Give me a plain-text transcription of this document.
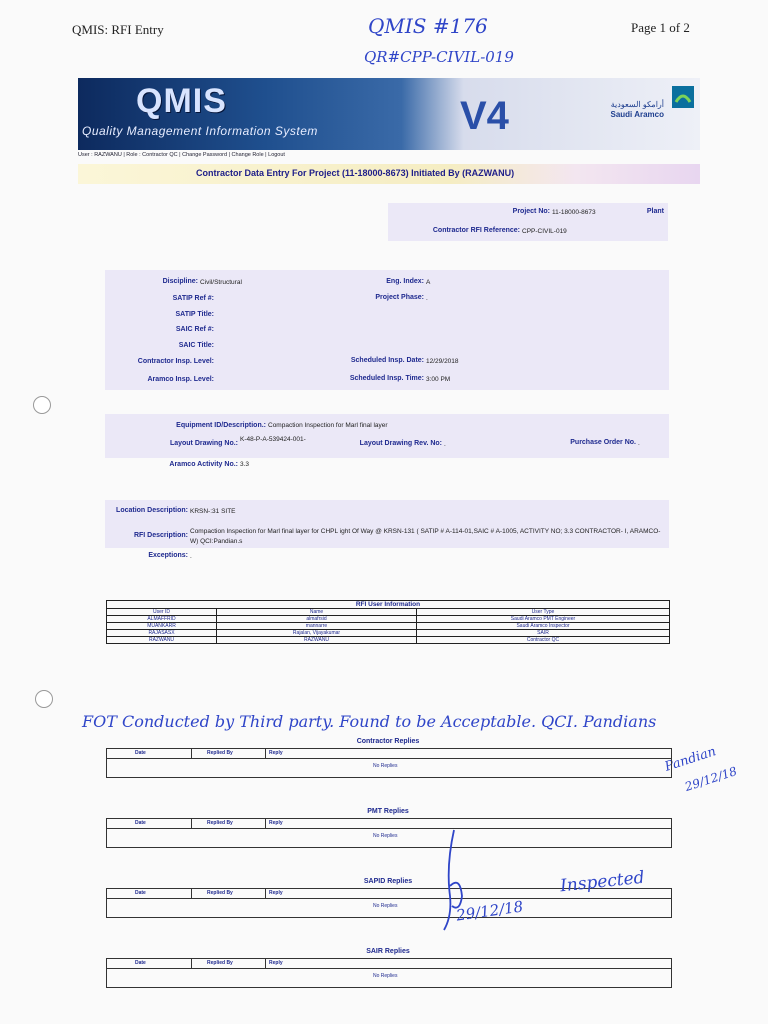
QMIS: RFI Entry	Page 1 of 2
QMIS #176
QR#CPP-CIVIL-019
QMIS
Quality Management Information System	V4	أرامكو السعودية
Saudi Aramco
User : RAZWANU | Role : Contractor QC | Change Password | Change Role | Logout
Contractor Data Entry For Project (11-18000-8673) Initiated By (RAZWANU)
Project No: 11-18000-8673	Plant
Contractor RFI Reference: CPP-CIVIL-019
Discipline: Civil/Structural	Eng. Index: A
SATIP Ref #:	Project Phase: .
SATIP Title:
SAIC Ref #:
SAIC Title:
Contractor Insp. Level:	Scheduled Insp. Date: 12/29/2018
Aramco Insp. Level:	Scheduled Insp. Time: 3:00 PM
Equipment ID/Description.: Compaction Inspection for Marl final layer
Layout Drawing No.:
K-48-P-A-539424-001-
Layout Drawing Rev. No: .	Purchase Order No. .
Aramco Activity No.: 3.3
Location Description: KRSN-:31 SITE
RFI Description:
Compaction Inspection for Marl final layer for CHPL ight Of Way @ KRSN-131 ( SATIP # A-114-01,SAIC # A-1005, ACTIVITY NO; 3.3 CONTRACTOR- I, ARAMCO- W) QCI:Pandian.s
Exceptions: .
RFI User Information		
User ID	Name	User Type
ALMAFFRID	almafrsid	Saudi Aramco PMT Engineer
MUANKARR	mannarre	Saudi Aramco Inspector
RAJASASX	Rajalan, Vijayakumar	SAIR
RAZWANU	RAZWANU	Contractor QC
FOT Conducted by Third party. Found to be Acceptable. QCI. Pandians
Pandian
29/12/18
Contractor Replies
Date	Replied By	Reply
No Replies
PMT Replies
Date	Replied By	Reply
No Replies
SAPID Replies
Date	Replied By	Reply
No Replies
SAIR Replies
Date	Replied By	Reply
No Replies
29/12/18
Inspected
